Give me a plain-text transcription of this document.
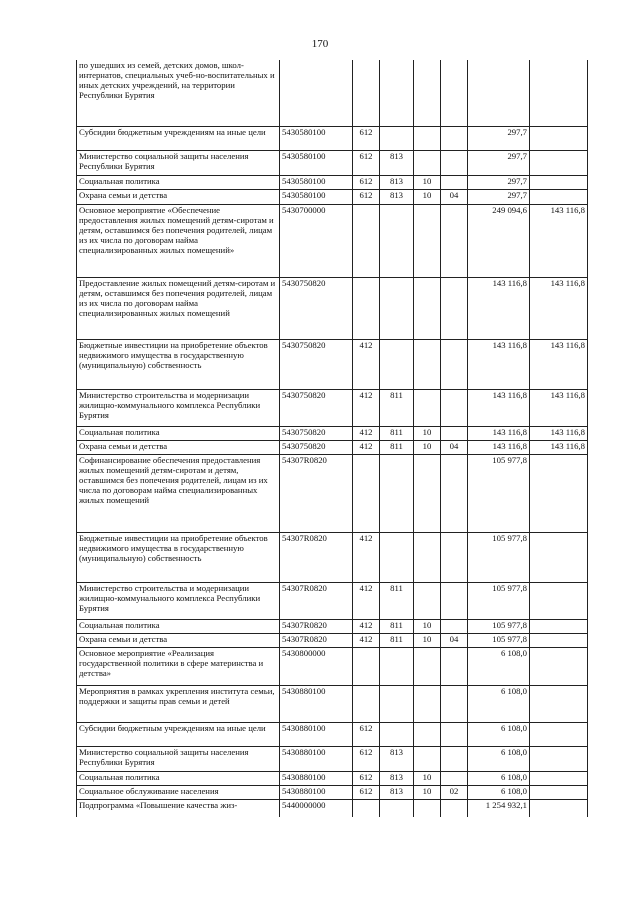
170
по ушедших из семей, детских домов, школ-интернатов, специальных учеб-но-воспитательных и иных детских учреждений, на территории Республики Бурятия							
Субсидии бюджетным учреждениям на иные цели	5430580100	612				297,7	
Министерство социальной защиты населения Республики Бурятия	5430580100	612	813			297,7	
Социальная политика	5430580100	612	813	10		297,7	
Охрана семьи и детства	5430580100	612	813	10	04	297,7	
Основное мероприятие «Обеспечение предоставления жилых помещений детям-сиротам и детям, оставшимся без попечения родителей, лицам из их числа по договорам найма специализированных жилых помещений»	5430700000					249 094,6	143 116,8
Предоставление жилых помещений детям-сиротам и детям, оставшимся без попечения родителей, лицам из их числа по договорам найма специализированных жилых помещений	5430750820					143 116,8	143 116,8
Бюджетные инвестиции на приобретение объектов недвижимого имущества в государственную (муниципальную) собственность	5430750820	412				143 116,8	143 116,8
Министерство строительства и модернизации жилищно-коммунального комплекса Республики Бурятия	5430750820	412	811			143 116,8	143 116,8
Социальная политика	5430750820	412	811	10		143 116,8	143 116,8
Охрана семьи и детства	5430750820	412	811	10	04	143 116,8	143 116,8
Софинансирование обеспечения предоставления жилых помещений детям-сиротам и детям, оставшимся без попечения родителей, лицам из их числа по договорам найма специализированных жилых помещений	54307R0820					105 977,8	
Бюджетные инвестиции на приобретение объектов недвижимого имущества в государственную (муниципальную) собственность	54307R0820	412				105 977,8	
Министерство строительства и модернизации жилищно-коммунального комплекса Республики Бурятия	54307R0820	412	811			105 977,8	
Социальная политика	54307R0820	412	811	10		105 977,8	
Охрана семьи и детства	54307R0820	412	811	10	04	105 977,8	
Основное мероприятие «Реализация государственной политики в сфере материнства и детства»	5430800000					6 108,0	
Мероприятия в рамках укрепления института семьи, поддержки и защиты прав семьи и детей	5430880100					6 108,0	
Субсидии бюджетным учреждениям на иные цели	5430880100	612				6 108,0	
Министерство социальной защиты населения Республики Бурятия	5430880100	612	813			6 108,0	
Социальная политика	5430880100	612	813	10		6 108,0	
Социальное обслуживание населения	5430880100	612	813	10	02	6 108,0	
Подпрограмма «Повышение качества жиз-	5440000000					1 254 932,1	
